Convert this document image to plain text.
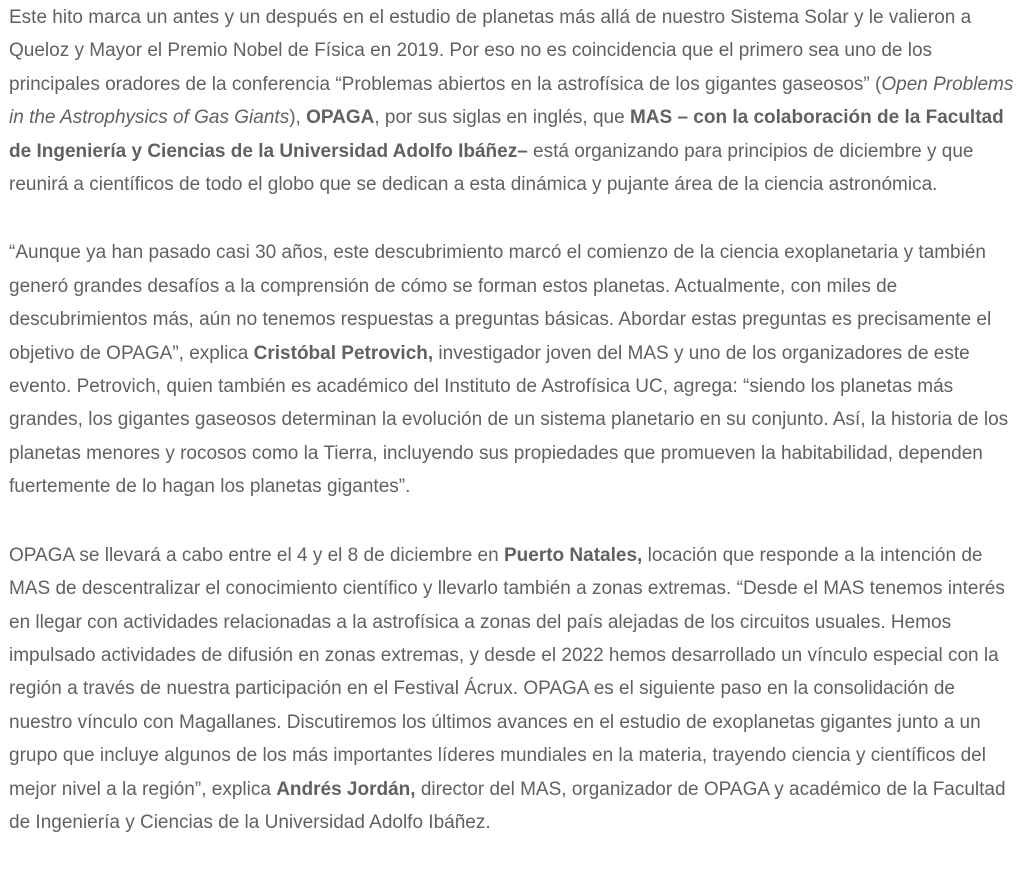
Este hito marca un antes y un después en el estudio de planetas más allá de nuestro Sistema Solar y le valieron a Queloz y Mayor el Premio Nobel de Física en 2019. Por eso no es coincidencia que el primero sea uno de los principales oradores de la conferencia “Problemas abiertos en la astrofísica de los gigantes gaseosos” (Open Problems in the Astrophysics of Gas Giants), OPAGA, por sus siglas en inglés, que MAS – con la colaboración de la Facultad de Ingeniería y Ciencias de la Universidad Adolfo Ibáñez– está organizando para principios de diciembre y que reunirá a científicos de todo el globo que se dedican a esta dinámica y pujante área de la ciencia astronómica.

“Aunque ya han pasado casi 30 años, este descubrimiento marcó el comienzo de la ciencia exoplanetaria y también generó grandes desafíos a la comprensión de cómo se forman estos planetas. Actualmente, con miles de descubrimientos más, aún no tenemos respuestas a preguntas básicas. Abordar estas preguntas es precisamente el objetivo de OPAGA”, explica Cristóbal Petrovich, investigador joven del MAS y uno de los organizadores de este evento. Petrovich, quien también es académico del Instituto de Astrofísica UC, agrega: “siendo los planetas más grandes, los gigantes gaseosos determinan la evolución de un sistema planetario en su conjunto. Así, la historia de los planetas menores y rocosos como la Tierra, incluyendo sus propiedades que promueven la habitabilidad, dependen fuertemente de lo hagan los planetas gigantes”.

OPAGA se llevará a cabo entre el 4 y el 8 de diciembre en Puerto Natales, locación que responde a la intención de MAS de descentralizar el conocimiento científico y llevarlo también a zonas extremas. “Desde el MAS tenemos interés en llegar con actividades relacionadas a la astrofísica a zonas del país alejadas de los circuitos usuales. Hemos impulsado actividades de difusión en zonas extremas, y desde el 2022 hemos desarrollado un vínculo especial con la región a través de nuestra participación en el Festival Ácrux. OPAGA es el siguiente paso en la consolidación de nuestro vínculo con Magallanes. Discutiremos los últimos avances en el estudio de exoplanetas gigantes junto a un grupo que incluye algunos de los más importantes líderes mundiales en la materia, trayendo ciencia y científicos del mejor nivel a la región”, explica Andrés Jordán, director del MAS, organizador de OPAGA y académico de la Facultad de Ingeniería y Ciencias de la Universidad Adolfo Ibáñez.
